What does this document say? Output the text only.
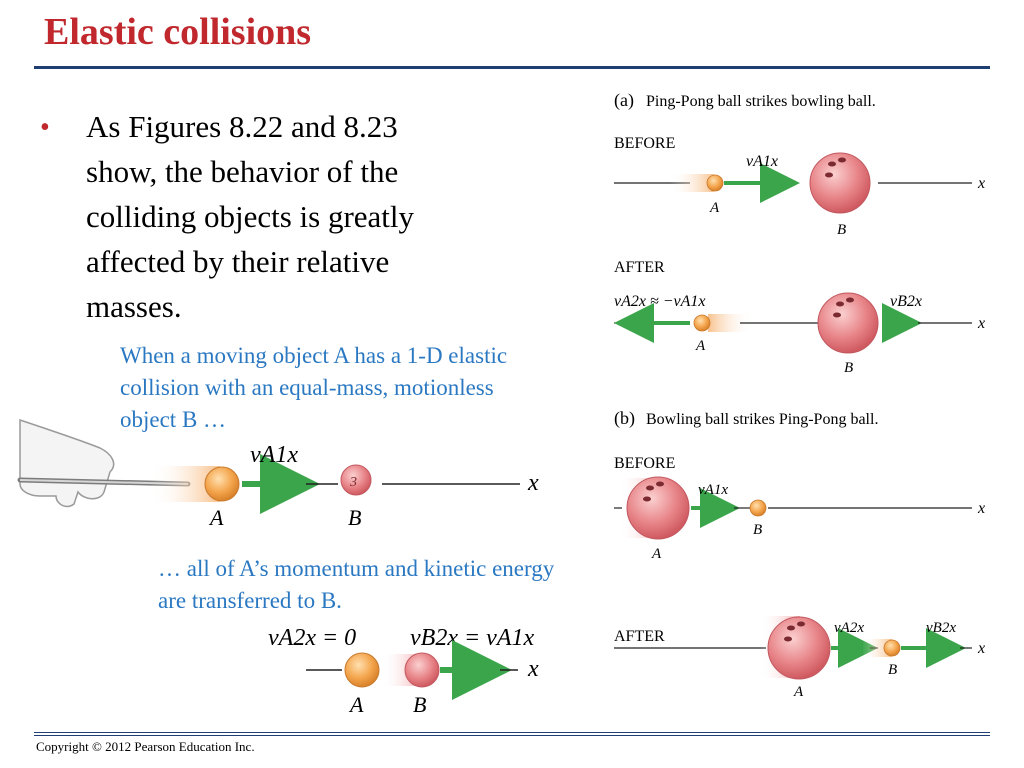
Elastic collisions
• As Figures 8.22 and 8.23 show, the behavior of the colliding objects is greatly affected by their relative masses.
When a moving object A has a 1-D elastic collision with an equal-mass, motionless object B …
… all of A’s momentum and kinetic energy are transferred to B.
3	x
vA1x
A	B
vA2x = 0 vB2x = vA1x
x
A B
(a) Ping-Pong ball strikes bowling ball.
BEFORE
x
vA1x
A
B
AFTER
vA2x ≈ −vA1x	vB2x
x
A
B
(b) Bowling ball strikes Ping-Pong ball.
BEFORE
x
vA1x
A
B
AFTER
x
vA2x	vB2x
A
B
Copyright © 2012 Pearson Education Inc.
